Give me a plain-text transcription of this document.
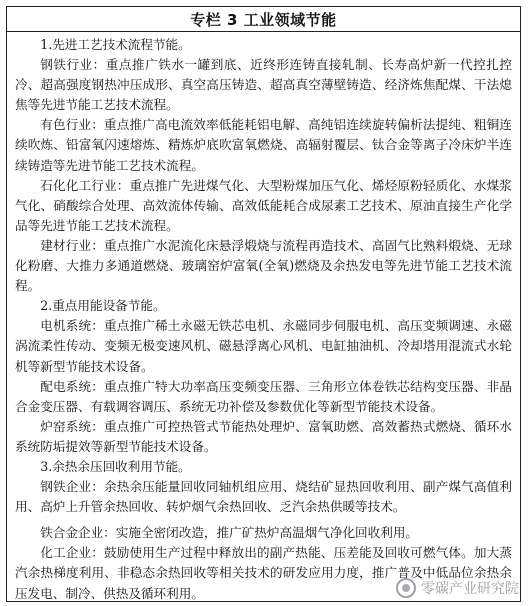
专栏 3 工业领域节能

1.先进工艺技术流程节能。

钢铁行业：重点推广铁水一罐到底、近终形连铸直接轧制、长寿高炉新一代控扎控冷、超高强度钢热冲压成形、真空高压铸造、超高真空薄壁铸造、经济炼焦配煤、干法熄焦等先进节能工艺技术流程。

有色行业：重点推广高电流效率低能耗铝电解、高纯铝连续旋转偏析法提纯、粗铜连续吹炼、铅富氧闪速熔炼、精炼炉底吹富氧燃烧、高辐射覆层、钛合金等离子冷床炉半连续铸造等先进节能工艺技术流程。

石化化工行业：重点推广先进煤气化、大型粉煤加压气化、烯烃原粉轻质化、水煤浆气化、硝酸综合处理、高效流体传输、高效低能耗合成尿素工艺技术、原油直接生产化学品等先进节能工艺技术流程。

建材行业：重点推广水泥流化床悬浮煅烧与流程再造技术、高固气比熟料煅烧、无球化粉磨、大推力多通道燃烧、玻璃窑炉富氧(全氧)燃烧及余热发电等先进节能工艺技术流程。

2.重点用能设备节能。

电机系统：重点推广稀土永磁无铁芯电机、永磁同步伺服电机、高压变频调速、永磁涡流柔性传动、变频无极变速风机、磁悬浮离心风机、电缸抽油机、冷却塔用混流式水轮机等新型节能技术设备。

配电系统：重点推广特大功率高压变频变压器、三角形立体卷铁芯结构变压器、非晶合金变压器、有载调容调压、系统无功补偿及参数优化等新型节能技术设备。

炉窑系统：重点推广可控热管式节能热处理炉、富氧助燃、高效蓄热式燃烧、循环水系统防垢提效等新型节能技术设备。

3.余热余压回收利用节能。

钢铁企业：余热余压能量回收同轴机组应用、烧结矿显热回收利用、副产煤气高值利用、高炉上升管余热回收、转炉烟气余热回收、乏汽余热供暖等技术。

铁合金企业：实施全密闭改造，推广矿热炉高温烟气净化回收利用。

化工企业：鼓励使用生产过程中释放出的副产热能、压差能及回收可燃气体。加大蒸汽余热梯度利用、非稳态余热回收等相关技术的研发应用力度，推广普及中低品位余热余压发电、制冷、供热及循环利用。	零碳产业研究院
